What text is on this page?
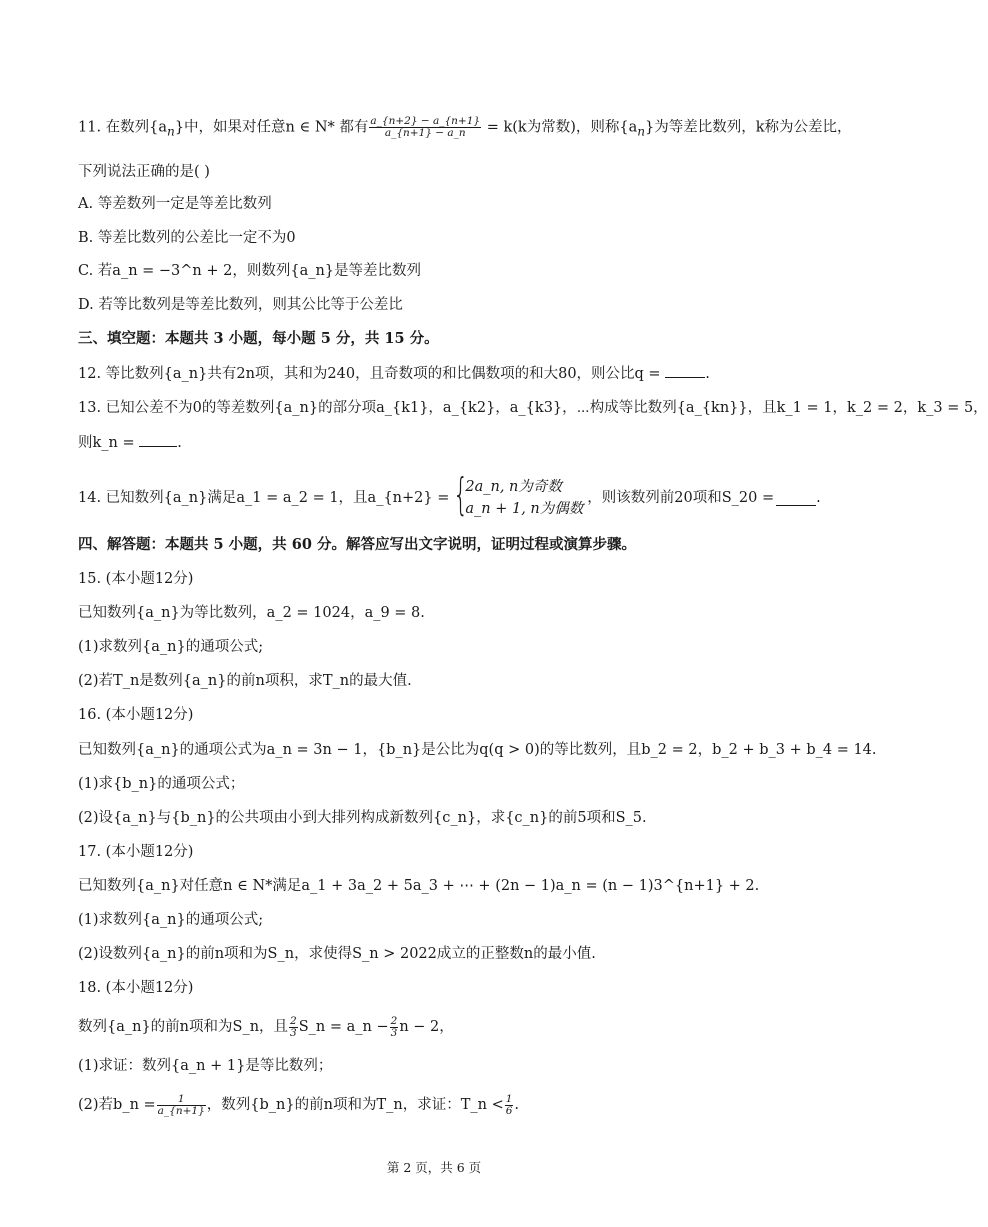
11. 在数列$\{a_n\}$中，如果对任意n ∈ N* 都有 $\frac{a\_\{n+2\} - a\_\{n+1\}}{a\_\{n+1\} - a\_n} = k(k$为常数)，则称$\{a_n\}$为等差比数列，k称为公差比，
下列说法正确的是( )
A. 等差数列一定是等差比数列
B. 等差比数列的公差比一定不为0
C. 若a_n = −3^n + 2，则数列{a_n}是等差比数列
D. 若等比数列是等差比数列，则其公比等于公差比
三、填空题：本题共 3 小题，每小题 5 分，共 15 分。
12. 等比数列{a_n}共有2n项，其和为240，且奇数项的和比偶数项的和大80，则公比q =	.
13. 已知公差不为0的等差数列{a_n}的部分项a_{k1}，a_{k2}，a_{k3}，⋯构成等比数列{a_{kn}}，且k_1 = 1，k_2 = 2，k_3 = 5，
则k_n =	.
14. 已知数列{a_n}满足a_1 = a_2 = 1，且a_{n+2} = {
2a_n, n为奇数
a_n + 1, n为偶数
，则该数列前20项和S_20 =	.
四、解答题：本题共 5 小题，共 60 分。解答应写出文字说明，证明过程或演算步骤。
15. (本小题12分)
已知数列{a_n}为等比数列，a_2 = 1024，a_9 = 8.
(1)求数列{a_n}的通项公式;
(2)若T_n是数列{a_n}的前n项积，求T_n的最大值.
16. (本小题12分)
已知数列{a_n}的通项公式为a_n = 3n − 1，{b_n}是公比为q(q > 0)的等比数列，且b_2 = 2，b_2 + b_3 + b_4 = 14.
(1)求{b_n}的通项公式；
(2)设{a_n}与{b_n}的公共项由小到大排列构成新数列{c_n}，求{c_n}的前5项和S_5.
17. (本小题12分)
已知数列{a_n}对任意n ∈ N*满足a_1 + 3a_2 + 5a_3 + ⋯ + (2n − 1)a_n = (n − 1)3^{n+1} + 2.
(1)求数列{a_n}的通项公式;
(2)设数列{a_n}的前n项和为S_n，求使得S_n > 2022成立的正整数n的最小值.
18. (本小题12分)
数列{a_n}的前n项和为S_n，且 $\frac{2}{3}$ S_n = a_n − $\frac{2}{3}$ n − 2，
(1)求证：数列{a_n + 1}是等比数列；
(2)若b_n = $\frac{1}{a\_\{n+1\}}$ ，数列{b_n}的前n项和为T_n，求证：T_n < $\frac{1}{6}$ .
第 2 页，共 6 页
